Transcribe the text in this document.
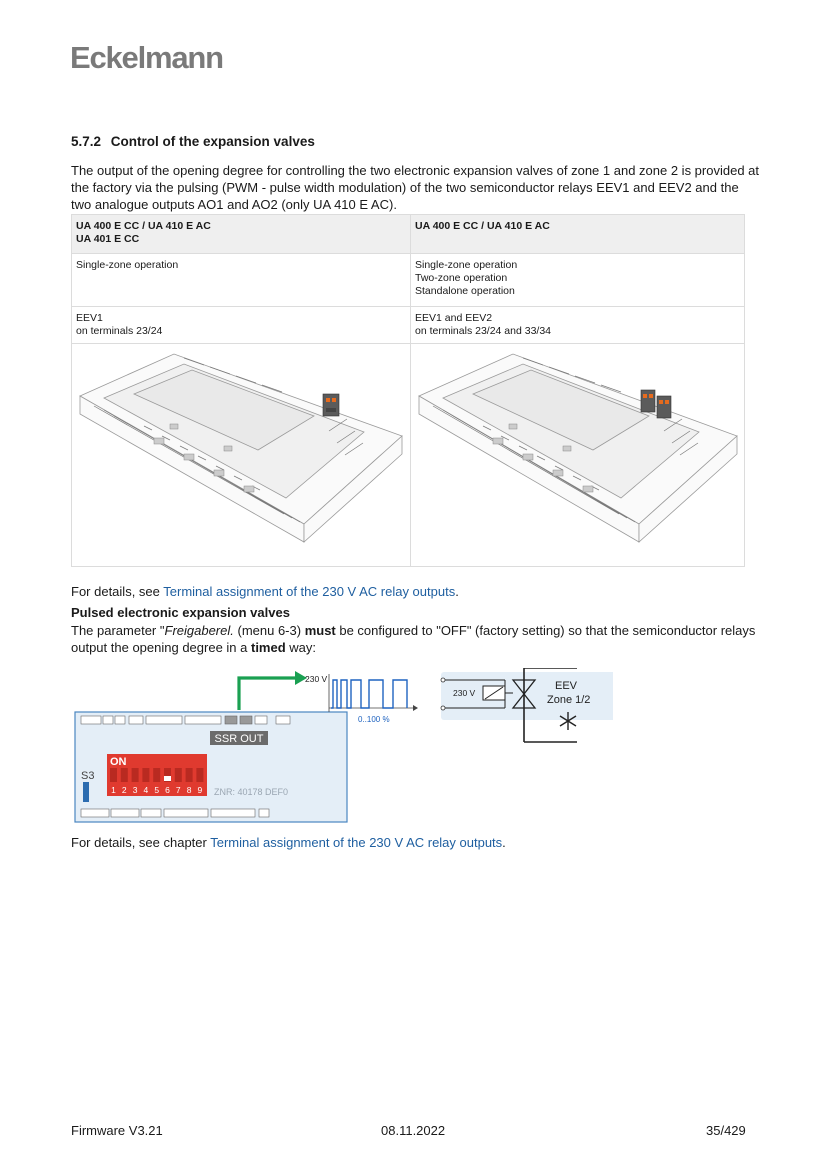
Eckelmann
5.7.2 Control of the expansion valves
The output of the opening degree for controlling the two electronic expansion valves of zone 1 and zone 2 is provided at the factory via the pulsing (PWM - pulse width modulation) of the two semiconductor relays EEV1 and EEV2 and the two analogue outputs AO1 and AO2 (only UA 410 E AC).
UA 400 E CC / UA 410 E AC
UA 401 E CC	UA 400 E CC / UA 410 E AC

Single-zone operation	Single-zone operation
Two-zone operation
Standalone operation

EEV1
on terminals 23/24	EEV1 and EEV2
on terminals 23/24 and 33/34

For details, see Terminal assignment of the 230 V AC relay outputs.
Pulsed electronic expansion valves
The parameter "Freigaberel. (menu 6-3) must be configured to "OFF" (factory setting) so that the semiconductor relays output the opening degree in a timed way:
SSR OUT
S3
ON
1 2 3 4 5 6 7 8 9 ZNR: 40178 DEF0
230 V
0..100 %
230 V
EEV
Zone 1/2
For details, see chapter Terminal assignment of the 230 V AC relay outputs.
Firmware V3.21	08.11.2022	35/429
